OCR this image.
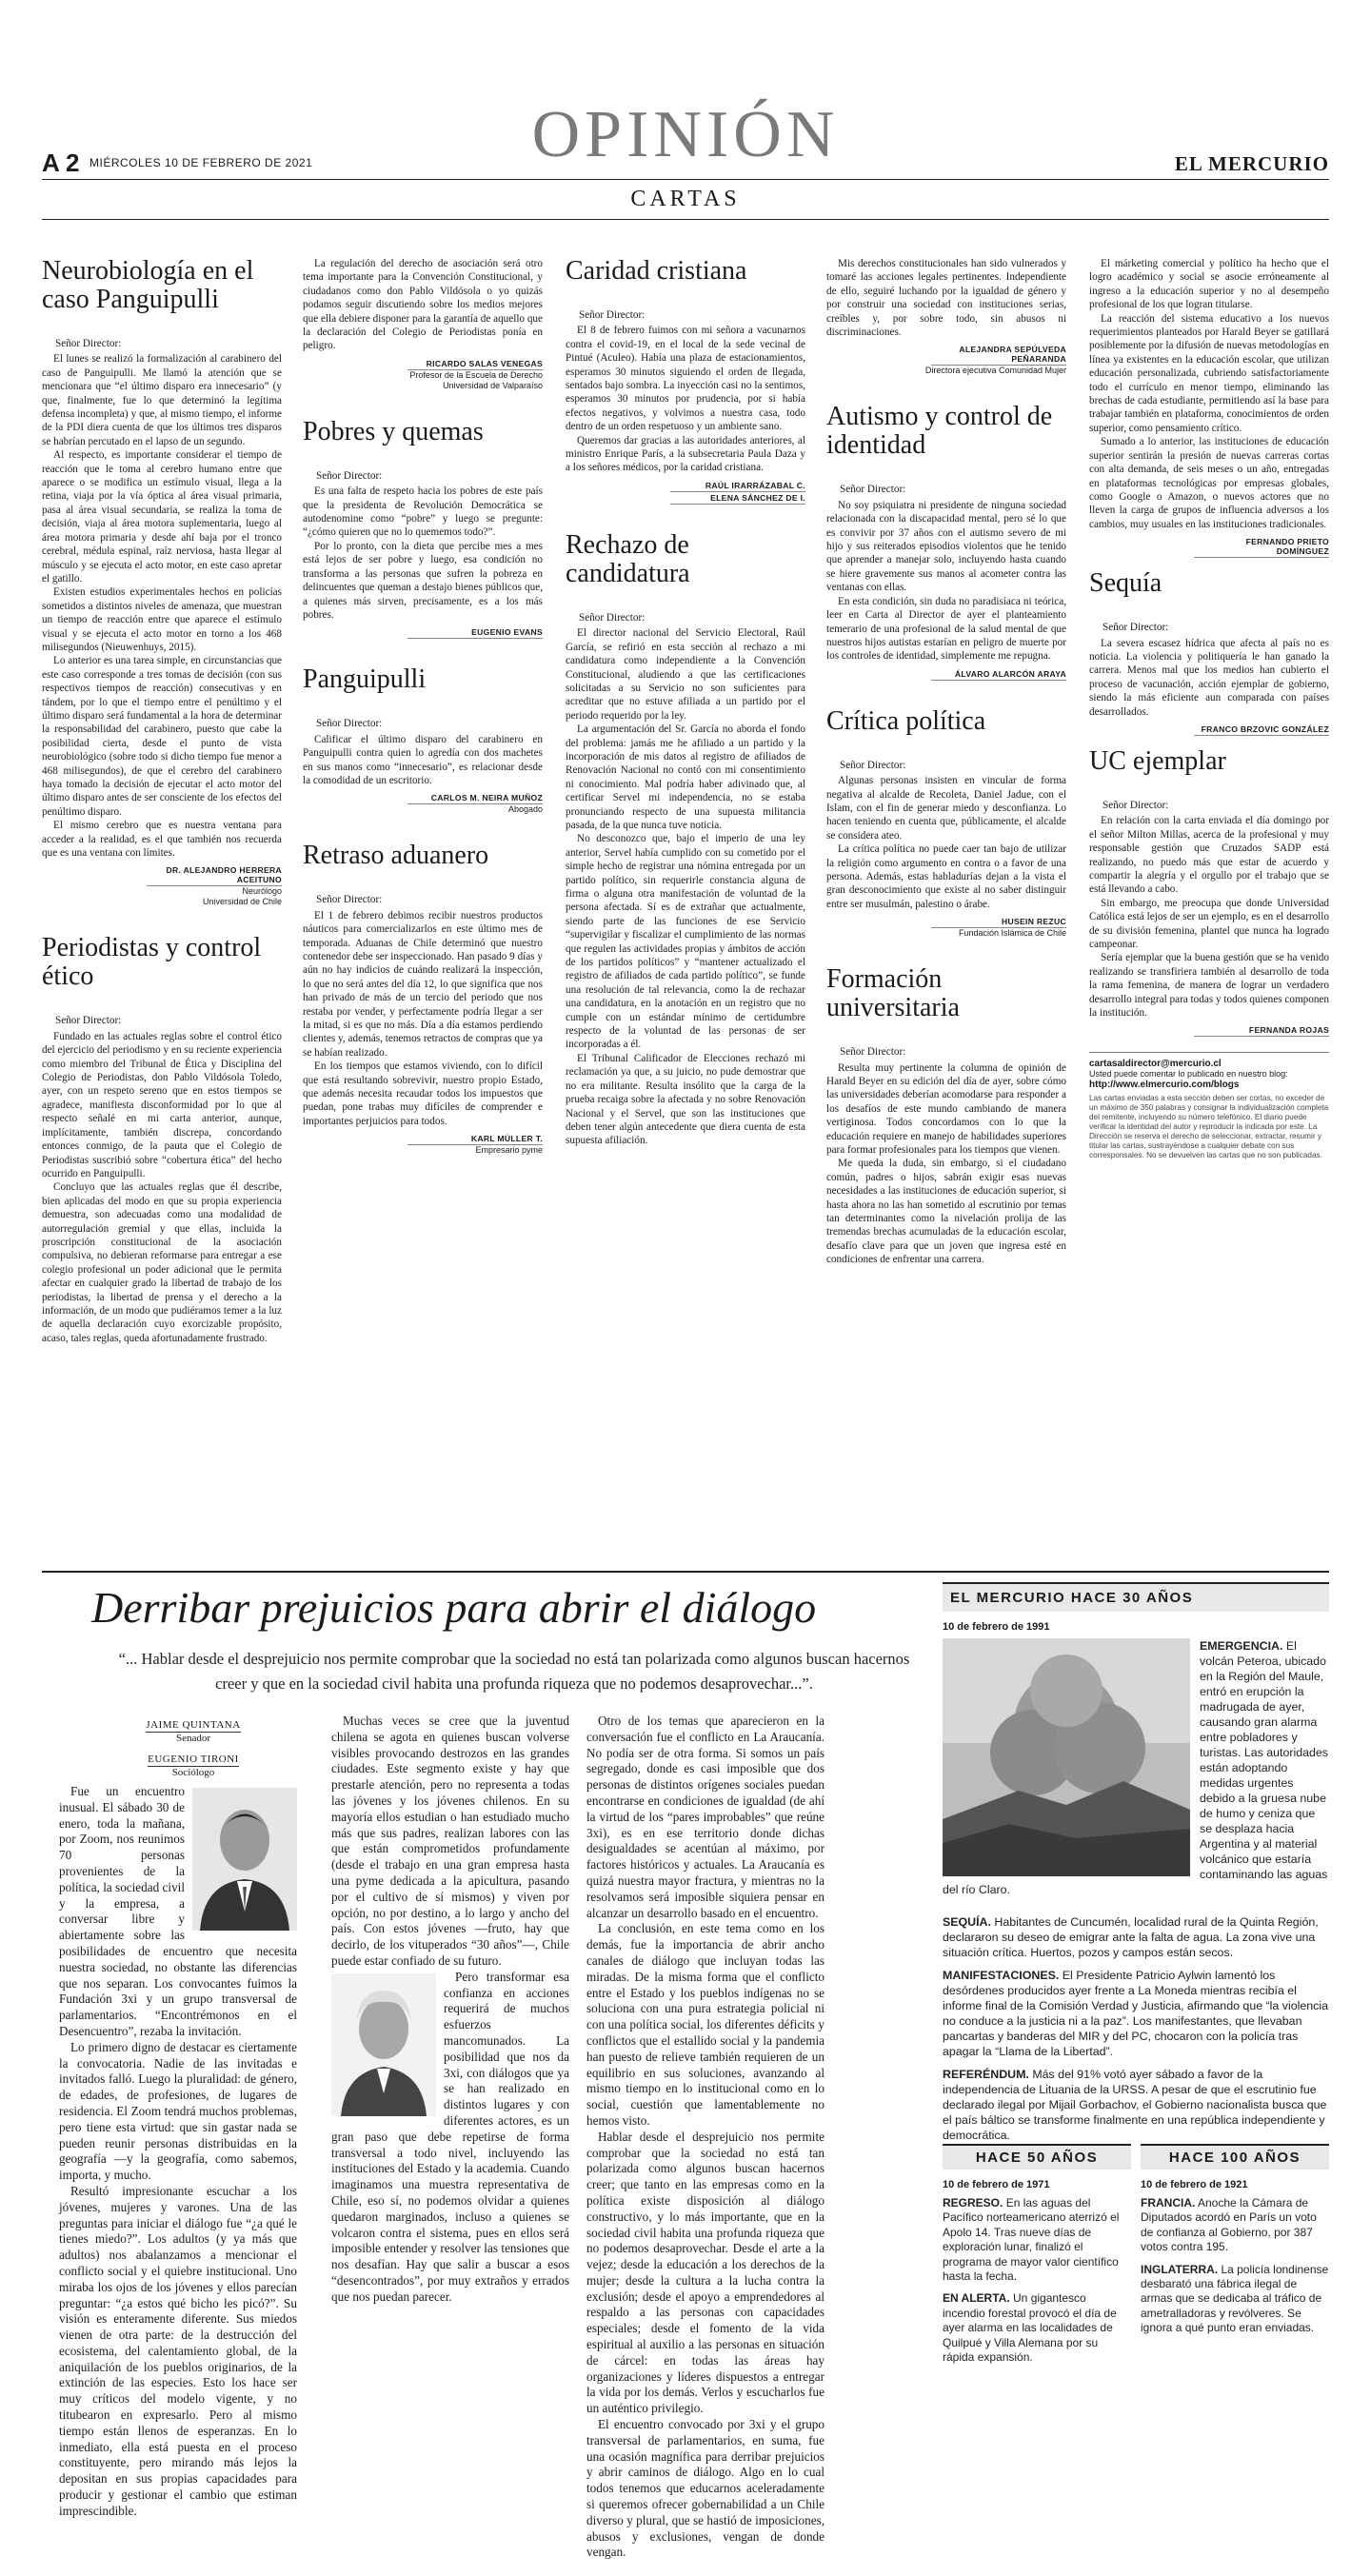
OPINIÓN
A 2 MIÉRCOLES 10 DE FEBRERO DE 2021	EL MERCURIO
CARTAS
Neurobiología en el caso Panguipulli
Señor Director:

El lunes se realizó la formalización al carabinero del caso de Panguipulli. Me llamó la atención que se mencionara que “el último disparo era innecesario” (y que, finalmente, fue lo que determinó la legítima defensa incompleta) y que, al mismo tiempo, el informe de la PDI diera cuenta de que los últimos tres disparos se habrían percutado en el lapso de un segundo.

Al respecto, es importante considerar el tiempo de reacción que le toma al cerebro humano entre que aparece o se modifica un estímulo visual, llega a la retina, viaja por la vía óptica al área visual primaria, pasa al área visual secundaria, se realiza la toma de decisión, viaja al área motora suplementaria, luego al área motora primaria y desde ahí baja por el tronco cerebral, médula espinal, raíz nerviosa, hasta llegar al músculo y se ejecuta el acto motor, en este caso apretar el gatillo.

Existen estudios experimentales hechos en policías sometidos a distintos niveles de amenaza, que muestran un tiempo de reacción entre que aparece el estímulo visual y se ejecuta el acto motor en torno a los 468 milisegundos (Nieuwenhuys, 2015).

Lo anterior es una tarea simple, en circunstancias que este caso corresponde a tres tomas de decisión (con sus respectivos tiempos de reacción) consecutivas y en tándem, por lo que el tiempo entre el penúltimo y el último disparo será fundamental a la hora de determinar la responsabilidad del carabinero, puesto que cabe la posibilidad cierta, desde el punto de vista neurobiológico (sobre todo si dicho tiempo fue menor a 468 milisegundos), de que el cerebro del carabinero haya tomado la decisión de ejecutar el acto motor del último disparo antes de ser consciente de los efectos del penúltimo disparo.

El mismo cerebro que es nuestra ventana para acceder a la realidad, es el que también nos recuerda que es una ventana con límites.

DR. ALEJANDRO HERRERA ACEITUNO
Neurólogo
Universidad de Chile
Periodistas y control ético
Señor Director:

Fundado en las actuales reglas sobre el control ético del ejercicio del periodismo y en su reciente experiencia como miembro del Tribunal de Ética y Disciplina del Colegio de Periodistas, don Pablo Vildósola Toledo, ayer, con un respeto sereno que en estos tiempos se agradece, manifiesta disconformidad por lo que al respecto señalé en mi carta anterior, aunque, implícitamente, también discrepa, concordando entonces conmigo, de la pauta que el Colegio de Periodistas suscribió sobre “cobertura ética” del hecho ocurrido en Panguipulli.

Concluyo que las actuales reglas que él describe, bien aplicadas del modo en que su propia experiencia demuestra, son adecuadas como una modalidad de autorregulación gremial y que ellas, incluida la proscripción constitucional de la asociación compulsiva, no debieran reformarse para entregar a ese colegio profesional un poder adicional que le permita afectar en cualquier grado la libertad de trabajo de los periodistas, la libertad de prensa y el derecho a la información, de un modo que pudiéramos temer a la luz de aquella declaración cuyo exorcizable propósito, acaso, tales reglas, queda afortunadamente frustrado.

La regulación del derecho de asociación será otro tema importante para la Convención Constitucional, y ciudadanos como don Pablo Vildósola o yo quizás podamos seguir discutiendo sobre los medios mejores que ella debiere disponer para la garantía de aquello que la declaración del Colegio de Periodistas ponía en peligro.

RICARDO SALAS VENEGAS
Profesor de la Escuela de Derecho
Universidad de Valparaíso
Pobres y quemas
Señor Director:

Es una falta de respeto hacia los pobres de este país que la presidenta de Revolución Democrática se autodenomine como “pobre” y luego se pregunte: “¿cómo quieren que no lo quememos todo?”.

Por lo pronto, con la dieta que percibe mes a mes está lejos de ser pobre y luego, esa condición no transforma a las personas que sufren la pobreza en delincuentes que queman a destajo bienes públicos que, a quienes más sirven, precisamente, es a los más pobres.

EUGENIO EVANS
Panguipulli
Señor Director:

Calificar el último disparo del carabinero en Panguipulli contra quien lo agredía con dos machetes en sus manos como “innecesario”, es relacionar desde la comodidad de un escritorio.

CARLOS M. NEIRA MUÑOZ
Abogado
Retraso aduanero
Señor Director:

El 1 de febrero debimos recibir nuestros productos náuticos para comercializarlos en este último mes de temporada. Aduanas de Chile determinó que nuestro contenedor debe ser inspeccionado. Han pasado 9 días y aún no hay indicios de cuándo realizará la inspección, lo que no será antes del día 12, lo que significa que nos han privado de más de un tercio del periodo que nos restaba por vender, y perfectamente podría llegar a ser la mitad, si es que no más. Día a día estamos perdiendo clientes y, además, tenemos retractos de compras que ya se habían realizado.

En los tiempos que estamos viviendo, con lo difícil que está resultando sobrevivir, nuestro propio Estado, que además necesita recaudar todos los impuestos que puedan, pone trabas muy difíciles de comprender e importantes perjuicios para todos.

KARL MÜLLER T.
Empresario pyme
Caridad cristiana
Señor Director:

El 8 de febrero fuimos con mi señora a vacunarnos contra el covid-19, en el local de la sede vecinal de Pintué (Aculeo). Había una plaza de estacionamientos, esperamos 30 minutos siguiendo el orden de llegada, sentados bajo sombra. La inyección casi no la sentimos, esperamos 30 minutos por prudencia, por si había efectos negativos, y volvimos a nuestra casa, todo dentro de un orden respetuoso y un ambiente sano.

Queremos dar gracias a las autoridades anteriores, al ministro Enrique París, a la subsecretaria Paula Daza y a los señores médicos, por la caridad cristiana.

RAÚL IRARRÁZABAL C.
ELENA SÁNCHEZ DE I.
Rechazo de candidatura
Señor Director:

El director nacional del Servicio Electoral, Raúl García, se refirió en esta sección al rechazo a mi candidatura como independiente a la Convención Constitucional, aludiendo a que las certificaciones solicitadas a su Servicio no son suficientes para acreditar que no estuve afiliada a un partido por el periodo requerido por la ley.

La argumentación del Sr. García no aborda el fondo del problema: jamás me he afiliado a un partido y la incorporación de mis datos al registro de afiliados de Renovación Nacional no contó con mi consentimiento ni conocimiento. Mal podría haber adivinado que, al certificar Servel mi independencia, no se estaba pronunciando respecto de una supuesta militancia pasada, de la que nunca tuve noticia.

No desconozco que, bajo el imperio de una ley anterior, Servel había cumplido con su cometido por el simple hecho de registrar una nómina entregada por un partido político, sin requerirle constancia alguna de firma o alguna otra manifestación de voluntad de la persona afectada. Sí es de extrañar que actualmente, siendo parte de las funciones de ese Servicio “supervigilar y fiscalizar el cumplimiento de las normas que regulen las actividades propias y ámbitos de acción de los partidos políticos” y “mantener actualizado el registro de afiliados de cada partido político”, se funde una resolución de tal relevancia, como la de rechazar una candidatura, en la anotación en un registro que no cumple con un estándar mínimo de certidumbre respecto de la voluntad de las personas de ser incorporadas a él.

El Tribunal Calificador de Elecciones rechazó mi reclamación ya que, a su juicio, no pude demostrar que no era militante. Resulta insólito que la carga de la prueba recaiga sobre la afectada y no sobre Renovación Nacional y el Servel, que son las instituciones que deben tener algún antecedente que diera cuenta de esta supuesta afiliación.

Mis derechos constitucionales han sido vulnerados y tomaré las acciones legales pertinentes. Independiente de ello, seguiré luchando por la igualdad de género y por construir una sociedad con instituciones serias, creíbles y, por sobre todo, sin abusos ni discriminaciones.

ALEJANDRA SEPÚLVEDA PEÑARANDA
Directora ejecutiva Comunidad Mujer
Autismo y control de identidad
Señor Director:

No soy psiquiatra ni presidente de ninguna sociedad relacionada con la discapacidad mental, pero sé lo que es convivir por 37 años con el autismo severo de mi hijo y sus reiterados episodios violentos que he tenido que aprender a manejar solo, incluyendo hasta cuando se hiere gravemente sus manos al acometer contra las ventanas con ellas.

En esta condición, sin duda no paradisíaca ni teórica, leer en Carta al Director de ayer el planteamiento temerario de una profesional de la salud mental de que nuestros hijos autistas estarían en peligro de muerte por los controles de identidad, simplemente me repugna.

ÁLVARO ALARCÓN ARAYA
Crítica política
Señor Director:

Algunas personas insisten en vincular de forma negativa al alcalde de Recoleta, Daniel Jadue, con el Islam, con el fin de generar miedo y desconfianza. Lo hacen teniendo en cuenta que, públicamente, el alcalde se considera ateo.

La crítica política no puede caer tan bajo de utilizar la religión como argumento en contra o a favor de una persona. Además, estas habladurías dejan a la vista el gran desconocimiento que existe al no saber distinguir entre ser musulmán, palestino o árabe.

HUSEIN REZUC
Fundación Islámica de Chile
Formación universitaria
Señor Director:

Resulta muy pertinente la columna de opinión de Harald Beyer en su edición del día de ayer, sobre cómo las universidades deberían acomodarse para responder a los desafíos de este mundo cambiando de manera vertiginosa. Todos concordamos con lo que la educación requiere en manejo de habilidades superiores para formar profesionales para los tiempos que vienen.

Me queda la duda, sin embargo, si el ciudadano común, padres o hijos, sabrán exigir esas nuevas necesidades a las instituciones de educación superior, si hasta ahora no las han sometido al escrutinio por temas tan determinantes como la nivelación prolija de las tremendas brechas acumuladas de la educación escolar, desafío clave para que un joven que ingresa esté en condiciones de enfrentar una carrera.

El márketing comercial y político ha hecho que el logro académico y social se asocie erróneamente al ingreso a la educación superior y no al desempeño profesional de los que logran titularse.

La reacción del sistema educativo a los nuevos requerimientos planteados por Harald Beyer se gatillará posiblemente por la difusión de nuevas metodologías en línea ya existentes en la educación escolar, que utilizan educación personalizada, cubriendo satisfactoriamente todo el currículo en menor tiempo, eliminando las brechas de cada estudiante, permitiendo así la base para trabajar también en plataforma, conocimientos de orden superior, como pensamiento crítico.

Sumado a lo anterior, las instituciones de educación superior sentirán la presión de nuevas carreras cortas con alta demanda, de seis meses o un año, entregadas en plataformas tecnológicas por empresas globales, como Google o Amazon, o nuevos actores que no lleven la carga de grupos de influencia adversos a los cambios, muy usuales en las instituciones tradicionales.

FERNANDO PRIETO DOMÍNGUEZ
Sequía
Señor Director:

La severa escasez hídrica que afecta al país no es noticia. La violencia y politiquería le han ganado la carrera. Menos mal que los medios han cubierto el proceso de vacunación, acción ejemplar de gobierno, siendo la más eficiente aun comparada con países desarrollados.

FRANCO BRZOVIC GONZÁLEZ
UC ejemplar
Señor Director:

En relación con la carta enviada el día domingo por el señor Milton Millas, acerca de la profesional y muy responsable gestión que Cruzados SADP está realizando, no puedo más que estar de acuerdo y compartir la alegría y el orgullo por el trabajo que se está llevando a cabo.

Sin embargo, me preocupa que donde Universidad Católica está lejos de ser un ejemplo, es en el desarrollo de su división femenina, plantel que nunca ha logrado campeonar.

Sería ejemplar que la buena gestión que se ha venido realizando se transfiriera también al desarrollo de toda la rama femenina, de manera de lograr un verdadero desarrollo integral para todas y todos quienes componen la institución.

FERNANDA ROJAS
cartasaldirector@mercurio.cl
Usted puede comentar lo publicado en nuestro blog:
http://www.elmercurio.com/blogs
Las cartas enviadas a esta sección deben ser cortas, no exceder de un máximo de 350 palabras y consignar la individualización completa del remitente, incluyendo su número telefónico. El diario puede verificar la identidad del autor y reproducir la indicada por este. La Dirección se reserva el derecho de seleccionar, extractar, resumir y titular las cartas, sustrayéndose a cualquier debate con sus corresponsales. No se devuelven las cartas que no son publicadas.
Derribar prejuicios para abrir el diálogo
“... Hablar desde el desprejuicio nos permite comprobar que la sociedad no está tan polarizada como algunos buscan hacernos creer y que en la sociedad civil habita una profunda riqueza que no podemos desaprovechar...”.
JAIME QUINTANA
Senador
EUGENIO TIRONI
Sociólogo

Fue un encuentro inusual. El sábado 30 de enero, toda la mañana, por Zoom, nos reunimos 70 personas provenientes de la política, la sociedad civil y la empresa, a conversar libre y abiertamente sobre las posibilidades de encuentro que necesita nuestra sociedad, no obstante las diferencias que nos separan. Los convocantes fuimos la Fundación 3xi y un grupo transversal de parlamentarios. “Encontrémonos en el Desencuentro”, rezaba la invitación.

Lo primero digno de destacar es ciertamente la convocatoria. Nadie de las invitadas e invitados falló. Luego la pluralidad: de género, de edades, de profesiones, de lugares de residencia. El Zoom tendrá muchos problemas, pero tiene esta virtud: que sin gastar nada se pueden reunir personas distribuidas en la geografía —y la geografía, como sabemos, importa, y mucho.

Resultó impresionante escuchar a los jóvenes, mujeres y varones. Una de las preguntas para iniciar el diálogo fue “¿a qué le tienes miedo?”. Los adultos (y ya más que adultos) nos abalanzamos a mencionar el conflicto social y el quiebre institucional. Uno miraba los ojos de los jóvenes y ellos parecían preguntar: “¿a estos qué bicho les picó?”. Su visión es enteramente diferente. Sus miedos vienen de otra parte: de la destrucción del ecosistema, del calentamiento global, de la aniquilación de los pueblos originarios, de la extinción de las especies. Esto los hace ser muy críticos del modelo vigente, y no titubearon en expresarlo. Pero al mismo tiempo están llenos de esperanzas. En lo inmediato, ella está puesta en el proceso constituyente, pero mirando más lejos la depositan en sus propias capacidades para producir y gestionar el cambio que estiman imprescindible.

Muchas veces se cree que la juventud chilena se agota en quienes buscan volverse visibles provocando destrozos en las grandes ciudades. Este segmento existe y hay que prestarle atención, pero no representa a todas las jóvenes y los jóvenes chilenos. En su mayoría ellos estudian o han estudiado mucho más que sus padres, realizan labores con las que están comprometidos profundamente (desde el trabajo en una gran empresa hasta una pyme dedicada a la apicultura, pasando por el cultivo de sí mismos) y viven por opción, no por destino, a lo largo y ancho del país. Con estos jóvenes —fruto, hay que decirlo, de los vituperados “30 años”—, Chile puede estar confiado de su futuro.

Pero transformar esa confianza en acciones requerirá de muchos esfuerzos mancomunados. La posibilidad que nos da 3xi, con diálogos que ya se han realizado en distintos lugares y con diferentes actores, es un gran paso que debe repetirse de forma transversal a todo nivel, incluyendo las instituciones del Estado y la academia. Cuando imaginamos una muestra representativa de Chile, eso sí, no podemos olvidar a quienes quedaron marginados, incluso a quienes se volcaron contra el sistema, pues en ellos será imposible entender y resolver las tensiones que nos desafían. Hay que salir a buscar a esos “desencontrados”, por muy extraños y errados que nos puedan parecer.

Otro de los temas que aparecieron en la conversación fue el conflicto en La Araucanía. No podía ser de otra forma. Si somos un país segregado, donde es casi imposible que dos personas de distintos orígenes sociales puedan encontrarse en condiciones de igualdad (de ahí la virtud de los “pares improbables” que reúne 3xi), es en ese territorio donde dichas desigualdades se acentúan al máximo, por factores históricos y actuales. La Araucanía es quizá nuestra mayor fractura, y mientras no la resolvamos será imposible siquiera pensar en alcanzar un desarrollo basado en el encuentro.

La conclusión, en este tema como en los demás, fue la importancia de abrir ancho canales de diálogo que incluyan todas las miradas. De la misma forma que el conflicto entre el Estado y los pueblos indígenas no se soluciona con una pura estrategia policial ni con una política social, los diferentes déficits y conflictos que el estallido social y la pandemia han puesto de relieve también requieren de un equilibrio en sus soluciones, avanzando al mismo tiempo en lo institucional como en lo social, cuestión que lamentablemente no hemos visto.

Hablar desde el desprejuicio nos permite comprobar que la sociedad no está tan polarizada como algunos buscan hacernos creer; que tanto en las empresas como en la política existe disposición al diálogo constructivo, y lo más importante, que en la sociedad civil habita una profunda riqueza que no podemos desaprovechar. Desde el arte a la vejez; desde la educación a los derechos de la mujer; desde la cultura a la lucha contra la exclusión; desde el apoyo a emprendedores al respaldo a las personas con capacidades especiales; desde el fomento de la vida espiritual al auxilio a las personas en situación de cárcel: en todas las áreas hay organizaciones y líderes dispuestos a entregar la vida por los demás. Verlos y escucharlos fue un auténtico privilegio.

El encuentro convocado por 3xi y el grupo transversal de parlamentarios, en suma, fue una ocasión magnífica para derribar prejuicios y abrir caminos de diálogo. Algo en lo cual todos tenemos que educarnos aceleradamente si queremos ofrecer gobernabilidad a un Chile diverso y plural, que se hastió de imposiciones, abusos y exclusiones, vengan de donde vengan.

EL MERCURIO HACE 30 AÑOS
10 de febrero de 1991
EMERGENCIA. El volcán Peteroa, ubicado en la Región del Maule, entró en erupción la madrugada de ayer, causando gran alarma entre pobladores y turistas. Las autoridades están adoptando medidas urgentes debido a la gruesa nube de humo y ceniza que se desplaza hacia Argentina y al material volcánico que estaría contaminando las aguas del río Claro.
SEQUÍA. Habitantes de Cuncumén, localidad rural de la Quinta Región, declararon su deseo de emigrar ante la falta de agua. La zona vive una situación crítica. Huertos, pozos y campos están secos.
MANIFESTACIONES. El Presidente Patricio Aylwin lamentó los desórdenes producidos ayer frente a La Moneda mientras recibía el informe final de la Comisión Verdad y Justicia, afirmando que “la violencia no conduce a la justicia ni a la paz”. Los manifestantes, que llevaban pancartas y banderas del MIR y del PC, chocaron con la policía tras apagar la “Llama de la Libertad”.
REFERÉNDUM. Más del 91% votó ayer sábado a favor de la independencia de Lituania de la URSS. A pesar de que el escrutinio fue declarado ilegal por Mijail Gorbachov, el Gobierno nacionalista busca que el país báltico se transforme finalmente en una república independiente y democrática.
HACE 50 AÑOS
10 de febrero de 1971
REGRESO. En las aguas del Pacífico norteamericano aterrizó el Apolo 14. Tras nueve días de exploración lunar, finalizó el programa de mayor valor científico hasta la fecha.
EN ALERTA. Un gigantesco incendio forestal provocó el día de ayer alarma en las localidades de Quilpué y Villa Alemana por su rápida expansión.
HACE 100 AÑOS
10 de febrero de 1921
FRANCIA. Anoche la Cámara de Diputados acordó en París un voto de confianza al Gobierno, por 387 votos contra 195.
INGLATERRA. La policía londinense desbarató una fábrica ilegal de armas que se dedicaba al tráfico de ametralladoras y revólveres. Se ignora a qué punto eran enviadas.
